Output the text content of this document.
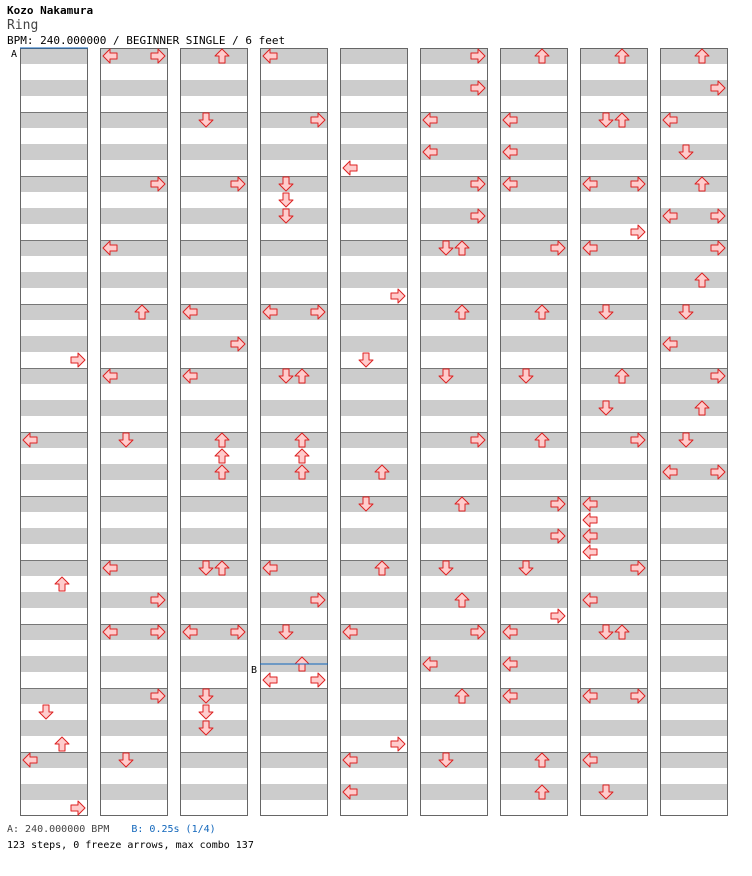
Kozo Nakamura
Ring
BPM: 240.000000 / BEGINNER SINGLE / 6 feet
A
B
A: 240.000000 BPM B: 0.25s (1/4)
123 steps, 0 freeze arrows, max combo 137
